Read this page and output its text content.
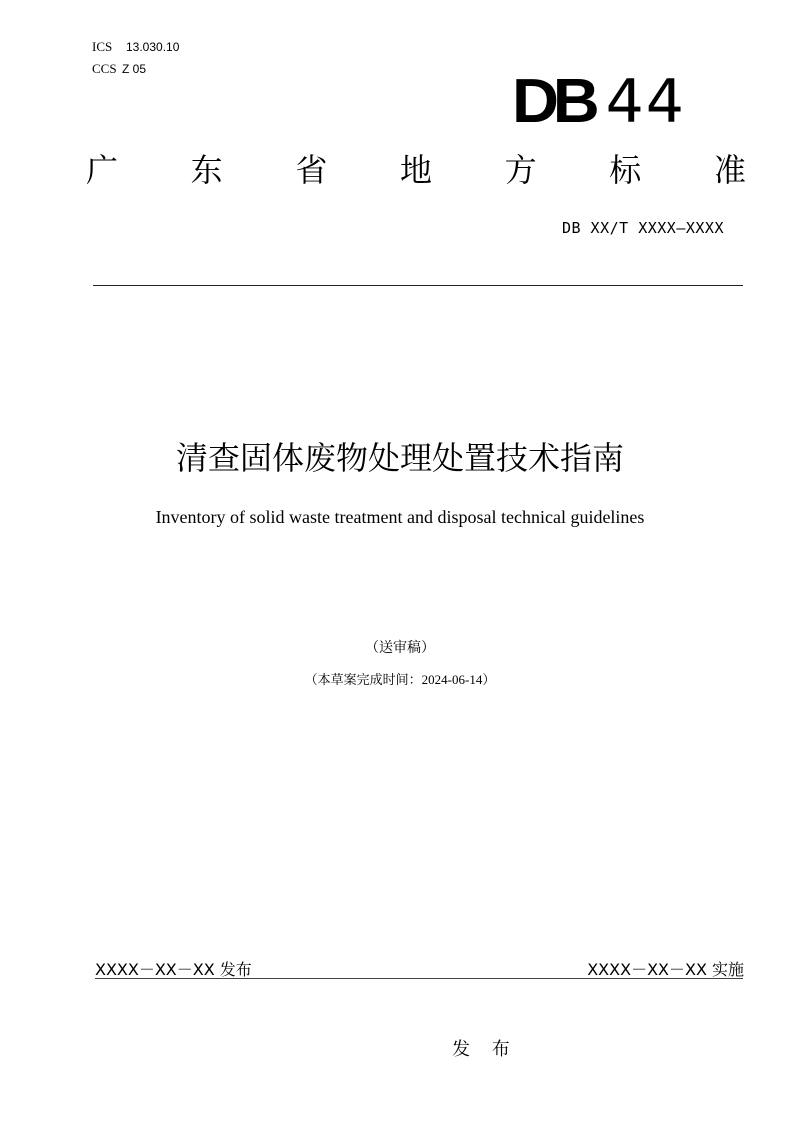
ICS 13.030.10
CCS Z 05	DB 44
广 东 省 地 方 标 准
DB XX/T XXXX—XXXX
清查固体废物处理处置技术指南
Inventory of solid waste treatment and disposal technical guidelines
（送审稿）
（本草案完成时间：2024-06-14）
XXXX－XX－XX 发布	XXXX－XX－XX 实施
发 布
